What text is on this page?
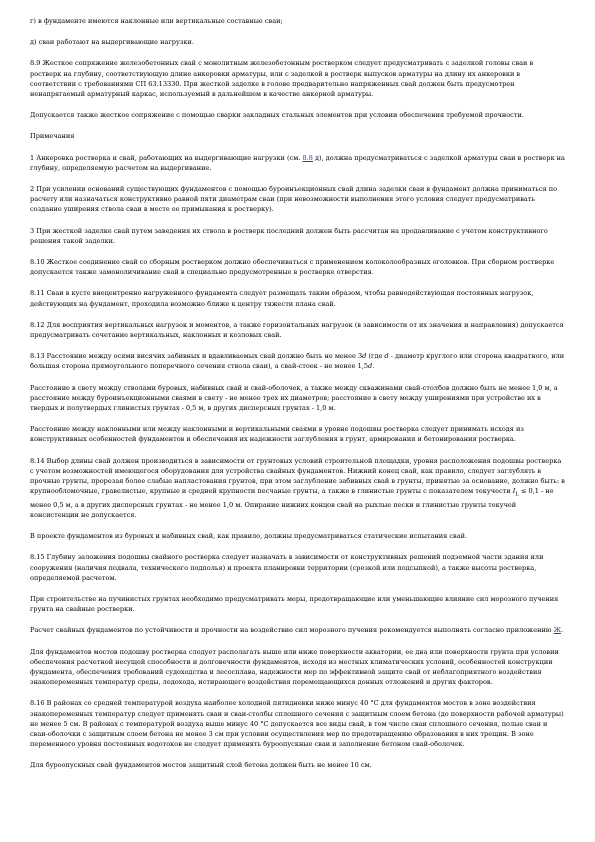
г) в фундаменте имеются наклонные или вертикальные составные сваи;

д) сваи работают на выдергивающие нагрузки.

8.9 Жесткое сопряжение железобетонных свай с монолитным железобетонным ростверком следует предусматривать с заделкой головы сваи в ростверк на глубину, соответствующую длине анкеровки арматуры, или с заделкой в ростверк выпусков арматуры на длину их анкеровки в соответствии с требованиями СП 63.13330. При жесткой заделке в голове предварительно напряженных свай должен быть предусмотрен ненапрягаемый арматурный каркас, используемый в дальнейшем в качестве анкерной арматуры.

Допускается также жесткое сопряжение с помощью сварки закладных стальных элементов при условии обеспечения требуемой прочности.

Примечания

1 Анкеровка ростверка и свай, работающих на выдергивающие нагрузки (см. 8.8 д), должна предусматриваться с заделкой арматуры сваи в ростверк на глубину, определяемую расчетом на выдергивание.

2 При усилении оснований существующих фундаментов с помощью буроинъекционных свай длина заделки сваи в фундамент должна приниматься по расчету или назначаться конструктивно равной пяти диаметрам сваи (при невозможности выполнения этого условия следует предусматривать создание уширения ствола сваи в месте ее примыкания к ростверку).

3 При жесткой заделке свай путем заведения их ствола в ростверк последний должен быть рассчитан на продавливание с учетом конструктивного решения такой заделки.

8.10 Жесткое соединение свай со сборным ростверком должно обеспечиваться с применением колоколообразных оголовков. При сборном ростверке допускается также замоноличивание свай в специально предусмотренные в ростверке отверстия.

8.11 Сваи в кусте внецентренно нагруженного фундамента следует размещать таким образом, чтобы равнодействующая постоянных нагрузок, действующих на фундамент, проходила возможно ближе к центру тяжести плана свай.

8.12 Для восприятия вертикальных нагрузок и моментов, а также горизонтальных нагрузок (в зависимости от их значения и направления) допускается предусматривать сочетание вертикальных, наклонных и козловых свай.

8.13 Расстояние между осями висячих забивных и вдавливаемых свай должно быть не менее 3d (где d - диаметр круглого или сторона квадратного, или большая сторона прямоугольного поперечного сечения ствола сваи), а свай-стоек - не менее 1,5d.

Расстояние в свету между стволами буровых, набивных свай и свай-оболочек, а также между скважинами свай-столбов должно быть не менее 1,0 м, а расстояние между буроинъекционными сваями в свету - не менее трех их диаметров; расстояние в свету между уширениями при устройстве их в твердых и полутвердых глинистых грунтах - 0,5 м, в других дисперсных грунтах - 1,0 м.

Расстояние между наклонными или между наклонными и вертикальными сваями в уровне подошвы ростверка следует принимать исходя из конструктивных особенностей фундаментов и обеспечения их надежности заглубления в грунт, армирования и бетонирования ростверка.

8.14 Выбор длины свай должен производиться в зависимости от грунтовых условий строительной площадки, уровня расположения подошвы ростверка с учетом возможностей имеющегося оборудования для устройства свайных фундаментов. Нижний конец свай, как правило, следует заглублять в прочные грунты, прорезая более слабые напластования грунтов, при этом заглубление забивных свай в грунты, принятые за основание, должно быть: в крупнообломочные, гравелистые, крупные и средней крупности песчаные грунты, а также в глинистые грунты с показателем текучести $I_L \le 0,1$ - не менее 0,5 м, а в других дисперсных грунтах - не менее 1,0 м. Опирание нижних концов свай на рыхлые пески и глинистые грунты текучей консистенции не допускается.

В проекте фундаментов из буровых и набивных свай, как правило, должны предусматриваться статические испытания свай.

8.15 Глубину заложения подошвы свайного ростверка следует назначать в зависимости от конструктивных решений подземной части здания или сооружения (наличия подвала, технического подполья) и проекта планировки территории (срезкой или подсыпкой), а также высоты ростверка, определяемой расчетом.

При строительстве на пучинистых грунтах необходимо предусматривать меры, предотвращающие или уменьшающие влияние сил морозного пучения грунта на свайные ростверки.

Расчет свайных фундаментов по устойчивости и прочности на воздействие сил морозного пучения рекомендуется выполнять согласно приложению Ж.

Для фундаментов мостов подошву ростверка следует располагать выше или ниже поверхности акватории, ее дна или поверхности грунта при условии обеспечения расчетной несущей способности и долговечности фундаментов, исходя из местных климатических условий, особенностей конструкции фундамента, обеспечения требований судоходства и лесосплава, надежности мер по эффективной защите свай от неблагоприятного воздействия знакопеременных температур среды, ледохода, истирающего воздействия перемещающихся донных отложений и других факторов.

8.16 В районах со средней температурой воздуха наиболее холодной пятидневки ниже минус 40 °С для фундаментов мостов в зоне воздействия знакопеременных температур следует применять сваи и сваи-столбы сплошного сечения с защитным слоем бетона (до поверхности рабочей арматуры) не менее 5 см. В районах с температурой воздуха выше минус 40 °С допускается все виды свай, в том числе сваи сплошного сечения, полые сваи и сваи-оболочки с защитным слоем бетона не менее 3 см при условии осуществления мер по предотвращению образования в них трещин. В зоне переменного уровня постоянных водотоков не следует применять буроопускные сваи и заполнение бетоном свай-оболочек.

Для буроопускных свай фундаментов мостов защитный слой бетона должен быть не менее 10 см.
